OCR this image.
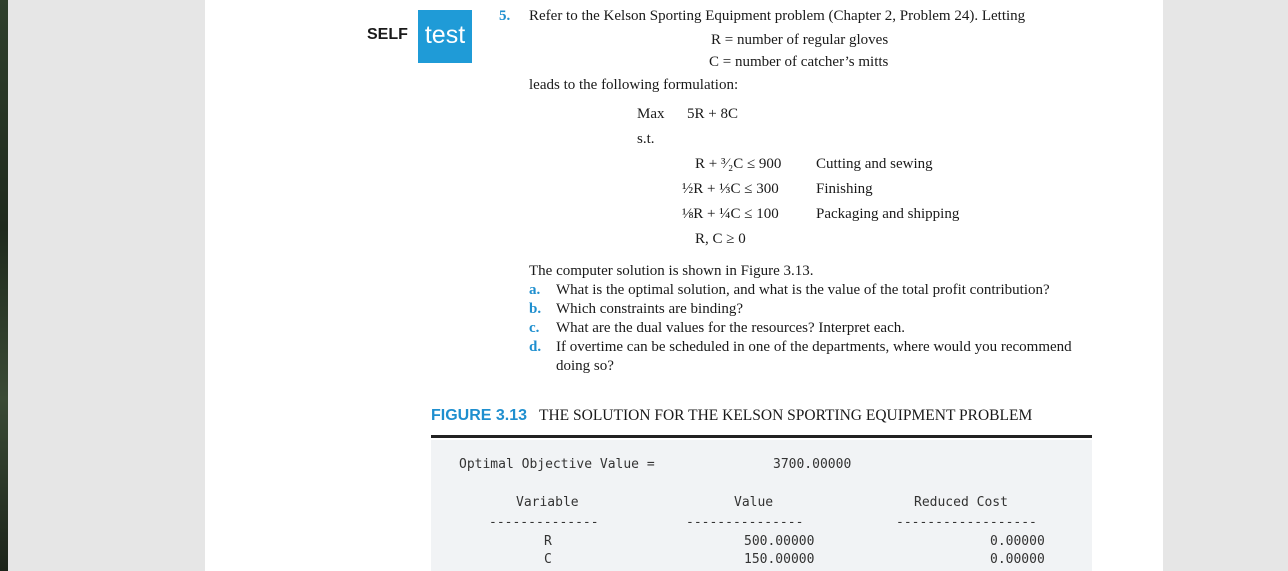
SELF test
5. Refer to the Kelson Sporting Equipment problem (Chapter 2, Problem 24). Letting
R = number of regular gloves
C = number of catcher’s mitts
leads to the following formulation:
Max 5R + 8C
s.t.
R + ³⁄₂C ≤ 900 Cutting and sewing
½R + ⅓C ≤ 300 Finishing
⅛R + ¼C ≤ 100 Packaging and shipping
R, C ≥ 0
The computer solution is shown in Figure 3.13.
a. What is the optimal solution, and what is the value of the total profit contribution?
b. Which constraints are binding?
c. What are the dual values for the resources? Interpret each.
d. If overtime can be scheduled in one of the departments, where would you recommend
doing so?
FIGURE 3.13 THE SOLUTION FOR THE KELSON SPORTING EQUIPMENT PROBLEM
Optimal Objective Value =	3700.00000
Variable	Value	Reduced Cost
--------------	---------------	------------------
R	500.00000	0.00000
C	150.00000	0.00000
